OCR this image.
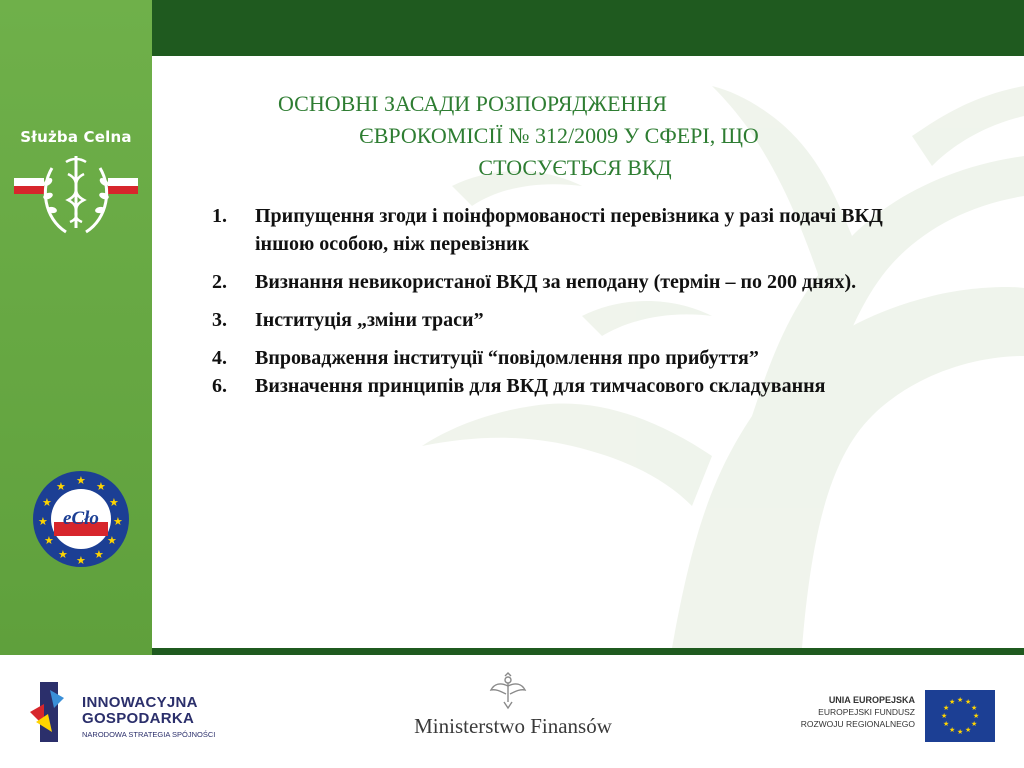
Służba Celna
★ ★
★
★
★
★
★
★
★
★
★
★
eCło
ОСНОВНІ ЗАСАДИ РОЗПОРЯДЖЕННЯ
ЄВРОКОМІСІЇ № 312/2009 У СФЕРІ, ЩО
СТОСУЄТЬСЯ ВКД
1. Припущення згоди і поінформованості перевізника у разі подачі ВКД іншою особою, ніж перевізник
2. Визнання невикористаної ВКД за неподану (термін – по 200 днях).
3. Інституція „зміни траси”
4. Впровадження інституції “повідомлення про прибуття”
6. Визначення принципів для ВКД для тимчасового складування
INNOWACYJNA
GOSPODARKA
NARODOWA STRATEGIA SPÓJNOŚCI	Ministerstwo Finansów
UNIA EUROPEJSKA
EUROPEJSKI FUNDUSZ
ROZWOJU REGIONALNEGO
★ ★
★
★
★
★
★
★
★
★
★
★
